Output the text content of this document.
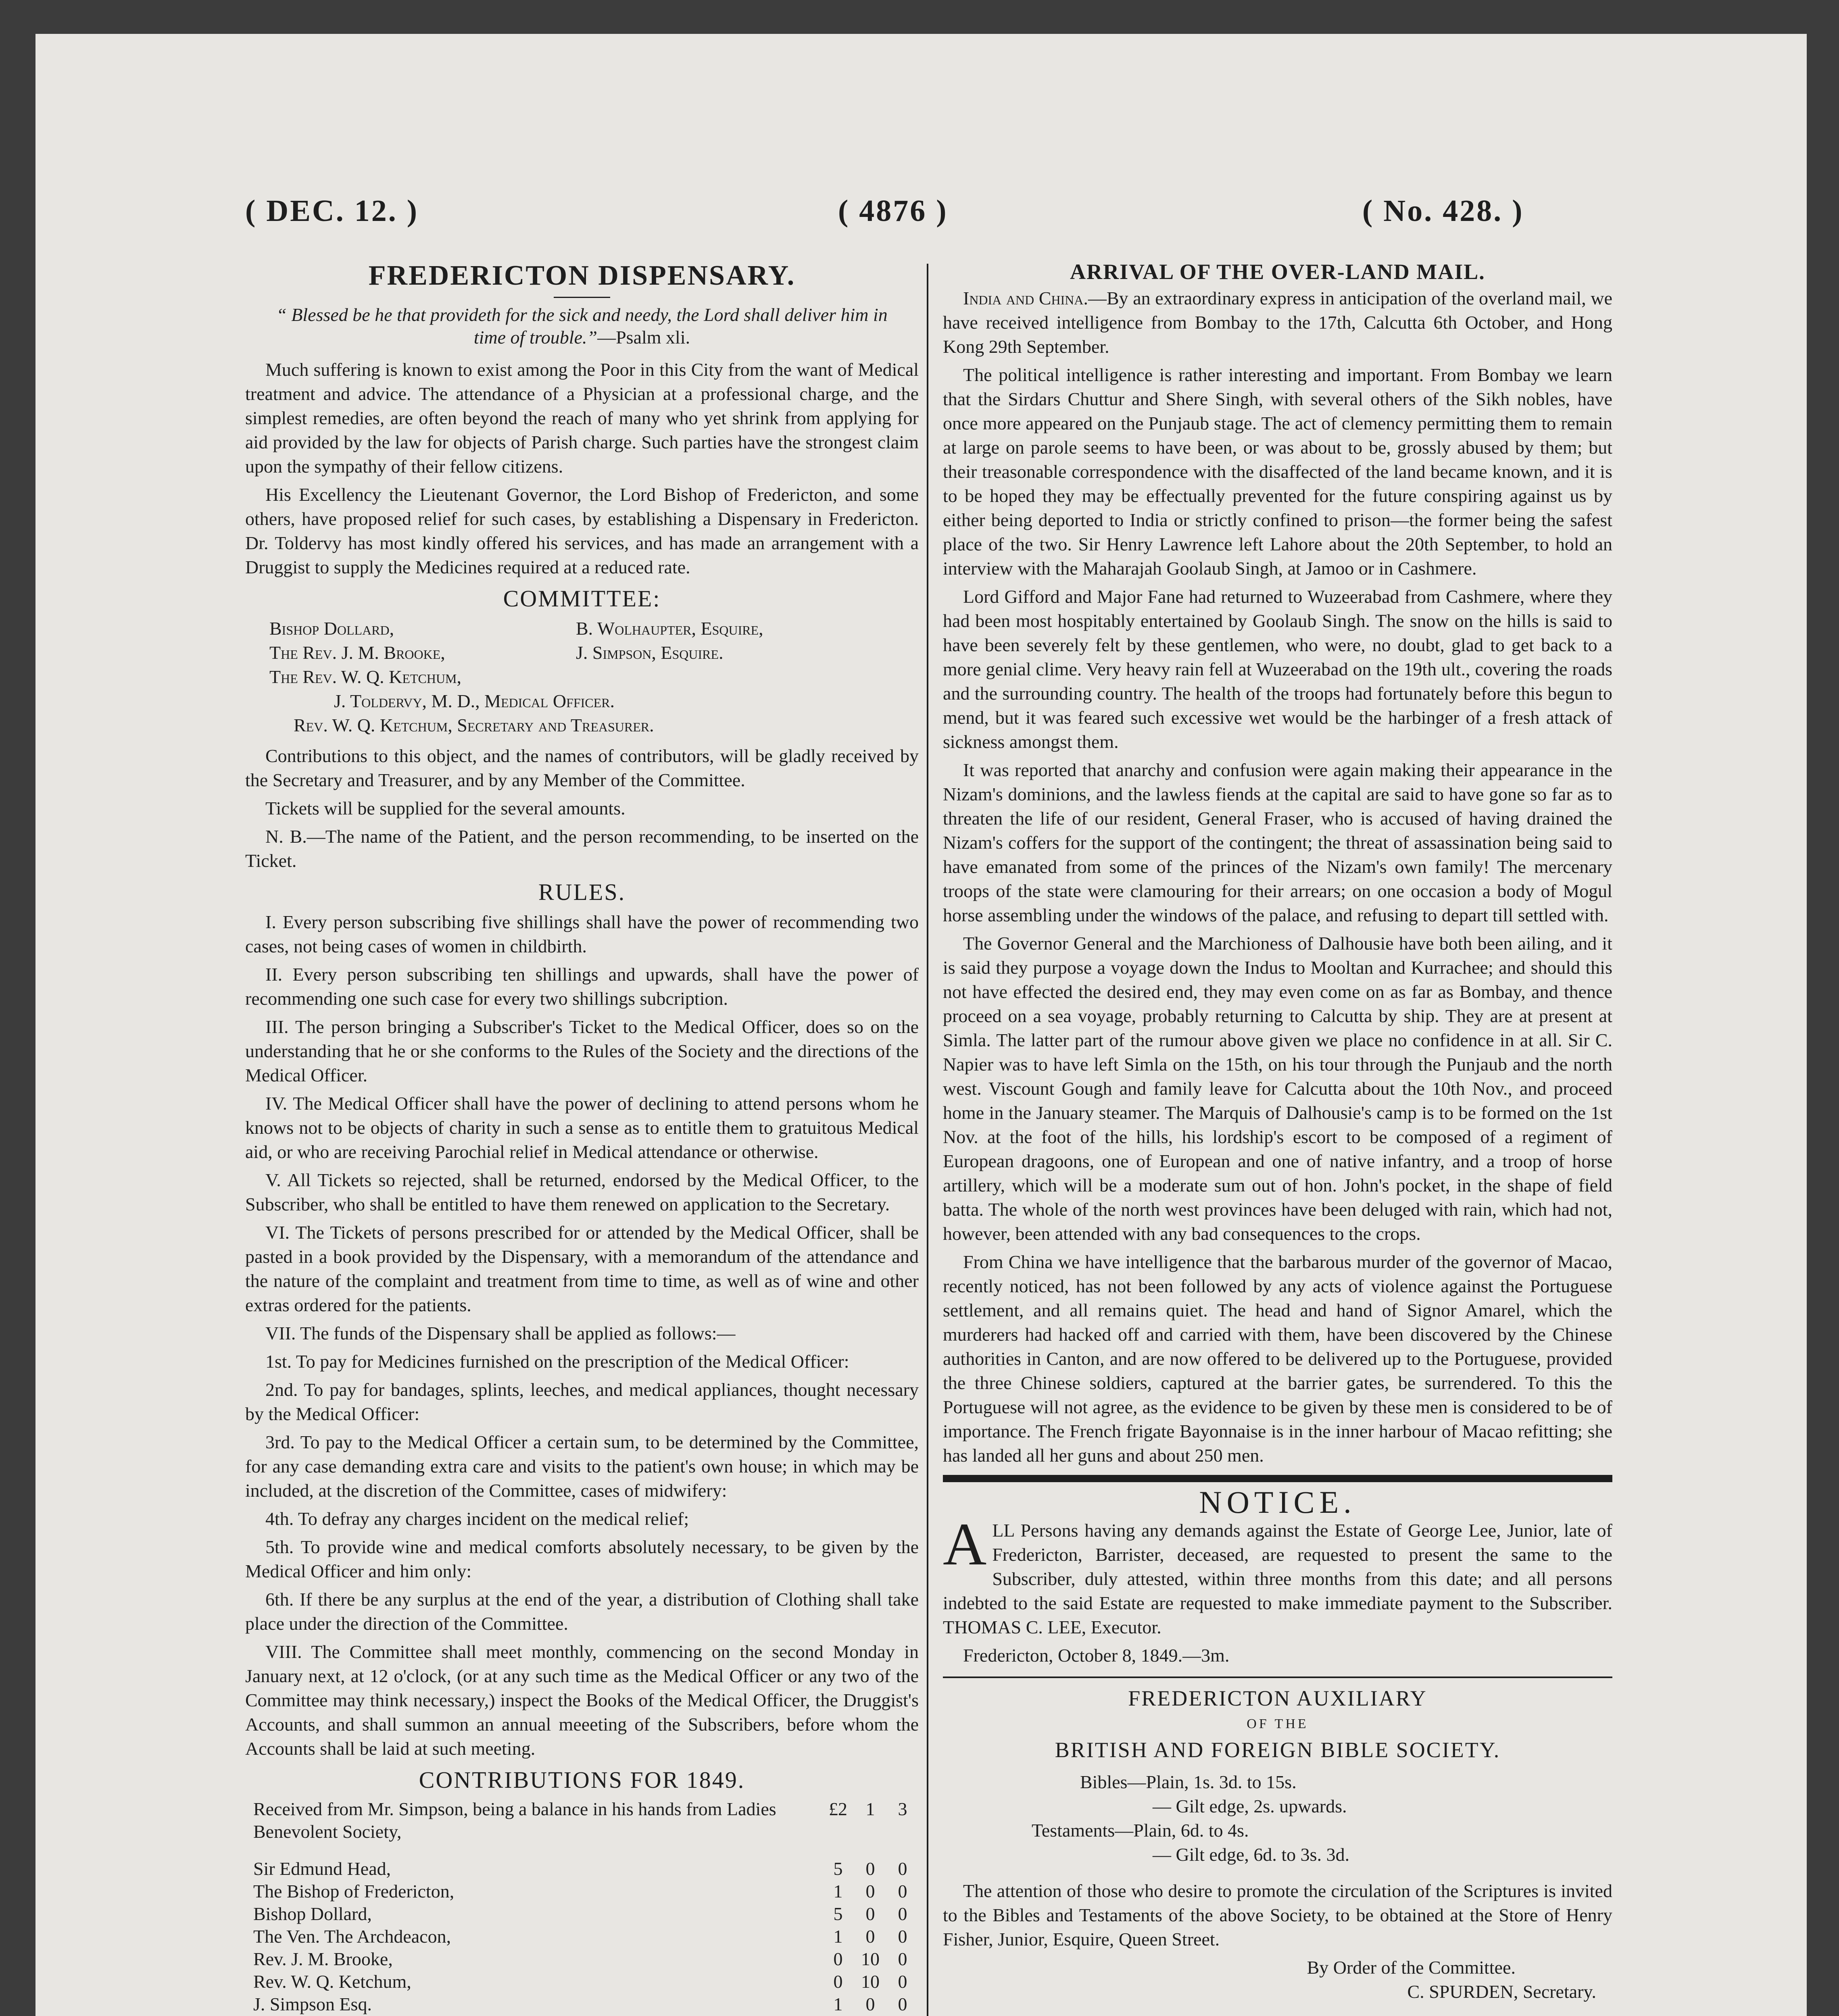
( DEC. 12. )	( 4876 )	( No. 428. )
FREDERICTON DISPENSARY.
“ Blessed be he that provideth for the sick and needy, the Lord shall deliver him in time of trouble.”—Psalm xli.

Much suffering is known to exist among the Poor in this City from the want of Medical treatment and advice. The attendance of a Physician at a professional charge, and the simplest remedies, are often beyond the reach of many who yet shrink from applying for aid provided by the law for objects of Parish charge. Such parties have the strongest claim upon the sympathy of their fellow citizens.

His Excellency the Lieutenant Governor, the Lord Bishop of Fredericton, and some others, have proposed relief for such cases, by establishing a Dispensary in Fredericton. Dr. Toldervy has most kindly offered his services, and has made an arrangement with a Druggist to supply the Medicines required at a reduced rate.

COMMITTEE:
Bishop Dollard,	B. Wolhaupter, Esquire,
The Rev. J. M. Brooke,	J. Simpson, Esquire.
The Rev. W. Q. Ketchum,
J. Toldervy, M. D., Medical Officer.
Rev. W. Q. Ketchum, Secretary and Treasurer.

Contributions to this object, and the names of contributors, will be gladly received by the Secretary and Treasurer, and by any Member of the Committee.

Tickets will be supplied for the several amounts.

N. B.—The name of the Patient, and the person recommending, to be inserted on the Ticket.

RULES.

I. Every person subscribing five shillings shall have the power of recommending two cases, not being cases of women in childbirth.

II. Every person subscribing ten shillings and upwards, shall have the power of recommending one such case for every two shillings subcription.

III. The person bringing a Subscriber's Ticket to the Medical Officer, does so on the understanding that he or she conforms to the Rules of the Society and the directions of the Medical Officer.

IV. The Medical Officer shall have the power of declining to attend persons whom he knows not to be objects of charity in such a sense as to entitle them to gratuitous Medical aid, or who are receiving Parochial relief in Medical attendance or otherwise.

V. All Tickets so rejected, shall be returned, endorsed by the Medical Officer, to the Subscriber, who shall be entitled to have them renewed on application to the Secretary.

VI. The Tickets of persons prescribed for or attended by the Medical Officer, shall be pasted in a book provided by the Dispensary, with a memorandum of the attendance and the nature of the complaint and treatment from time to time, as well as of wine and other extras ordered for the patients.

VII. The funds of the Dispensary shall be applied as follows:—

1st. To pay for Medicines furnished on the prescription of the Medical Officer:

2nd. To pay for bandages, splints, leeches, and medical appliances, thought necessary by the Medical Officer:

3rd. To pay to the Medical Officer a certain sum, to be determined by the Committee, for any case demanding extra care and visits to the patient's own house; in which may be included, at the discretion of the Committee, cases of midwifery:

4th. To defray any charges incident on the medical relief;

5th. To provide wine and medical comforts absolutely necessary, to be given by the Medical Officer and him only:

6th. If there be any surplus at the end of the year, a distribution of Clothing shall take place under the direction of the Committee.

VIII. The Committee shall meet monthly, commencing on the second Monday in January next, at 12 o'clock, (or at any such time as the Medical Officer or any two of the Committee may think necessary,) inspect the Books of the Medical Officer, the Druggist's Accounts, and shall summon an annual meeeting of the Subscribers, before whom the Accounts shall be laid at such meeting.

CONTRIBUTIONS FOR 1849.
Received from Mr. Simpson, being a balance in his hands from Ladies Benevolent Society,
£2 1	3
Sir Edmund Head,	5	0	0
The Bishop of Fredericton,	1	0	0
Bishop Dollard,	5	0	0
The Ven. The Archdeacon,	1	0	0
Rev. J. M. Brooke,	0 10 0
Rev. W. Q. Ketchum,	0 10 0
J. Simpson Esq.	1	0	0
ARRIVAL OF THE OVER-LAND MAIL.

India and China.—By an extraordinary express in anticipation of the overland mail, we have received intelligence from Bombay to the 17th, Calcutta 6th October, and Hong Kong 29th September.

The political intelligence is rather interesting and important. From Bombay we learn that the Sirdars Chuttur and Shere Singh, with several others of the Sikh nobles, have once more appeared on the Punjaub stage. The act of clemency permitting them to remain at large on parole seems to have been, or was about to be, grossly abused by them; but their treasonable correspondence with the disaffected of the land became known, and it is to be hoped they may be effectually prevented for the future conspiring against us by either being deported to India or strictly confined to prison—the former being the safest place of the two. Sir Henry Lawrence left Lahore about the 20th September, to hold an interview with the Maharajah Goolaub Singh, at Jamoo or in Cashmere.

Lord Gifford and Major Fane had returned to Wuzeerabad from Cashmere, where they had been most hospitably entertained by Goolaub Singh. The snow on the hills is said to have been severely felt by these gentlemen, who were, no doubt, glad to get back to a more genial clime. Very heavy rain fell at Wuzeerabad on the 19th ult., covering the roads and the surrounding country. The health of the troops had fortunately before this begun to mend, but it was feared such excessive wet would be the harbinger of a fresh attack of sickness amongst them.

It was reported that anarchy and confusion were again making their appearance in the Nizam's dominions, and the lawless fiends at the capital are said to have gone so far as to threaten the life of our resident, General Fraser, who is accused of having drained the Nizam's coffers for the support of the contingent; the threat of assassination being said to have emanated from some of the princes of the Nizam's own family! The mercenary troops of the state were clamouring for their arrears; on one occasion a body of Mogul horse assembling under the windows of the palace, and refusing to depart till settled with.

The Governor General and the Marchioness of Dalhousie have both been ailing, and it is said they purpose a voyage down the Indus to Mooltan and Kurrachee; and should this not have effected the desired end, they may even come on as far as Bombay, and thence proceed on a sea voyage, probably returning to Calcutta by ship. They are at present at Simla. The latter part of the rumour above given we place no confidence in at all. Sir C. Napier was to have left Simla on the 15th, on his tour through the Punjaub and the north west. Viscount Gough and family leave for Calcutta about the 10th Nov., and proceed home in the January steamer. The Marquis of Dalhousie's camp is to be formed on the 1st Nov. at the foot of the hills, his lordship's escort to be composed of a regiment of European dragoons, one of European and one of native infantry, and a troop of horse artillery, which will be a moderate sum out of hon. John's pocket, in the shape of field batta. The whole of the north west provinces have been deluged with rain, which had not, however, been attended with any bad consequences to the crops.

From China we have intelligence that the barbarous murder of the governor of Macao, recently noticed, has not been followed by any acts of violence against the Portuguese settlement, and all remains quiet. The head and hand of Signor Amarel, which the murderers had hacked off and carried with them, have been discovered by the Chinese authorities in Canton, and are now offered to be delivered up to the Portuguese, provided the three Chinese soldiers, captured at the barrier gates, be surrendered. To this the Portuguese will not agree, as the evidence to be given by these men is considered to be of importance. The French frigate Bayonnaise is in the inner harbour of Macao refitting; she has landed all her guns and about 250 men.

NOTICE.

ALL Persons having any demands against the Estate of George Lee, Junior, late of Fredericton, Barrister, deceased, are requested to present the same to the Subscriber, duly attested, within three months from this date; and all persons indebted to the said Estate are requested to make immediate payment to the Subscriber. THOMAS C. LEE, Executor.

Fredericton, October 8, 1849.—3m.

FREDERICTON AUXILIARY
OF THE
BRITISH AND FOREIGN BIBLE SOCIETY.
Bibles—Plain, 1s. 3d. to 15s.
— Gilt edge, 2s. upwards.
Testaments—Plain, 6d. to 4s.
— Gilt edge, 6d. to 3s. 3d.

The attention of those who desire to promote the circulation of the Scriptures is invited to the Bibles and Testaments of the above Society, to be obtained at the Store of Henry Fisher, Junior, Esquire, Queen Street.

By Order of the Committee.
C. SPURDEN, Secretary.
